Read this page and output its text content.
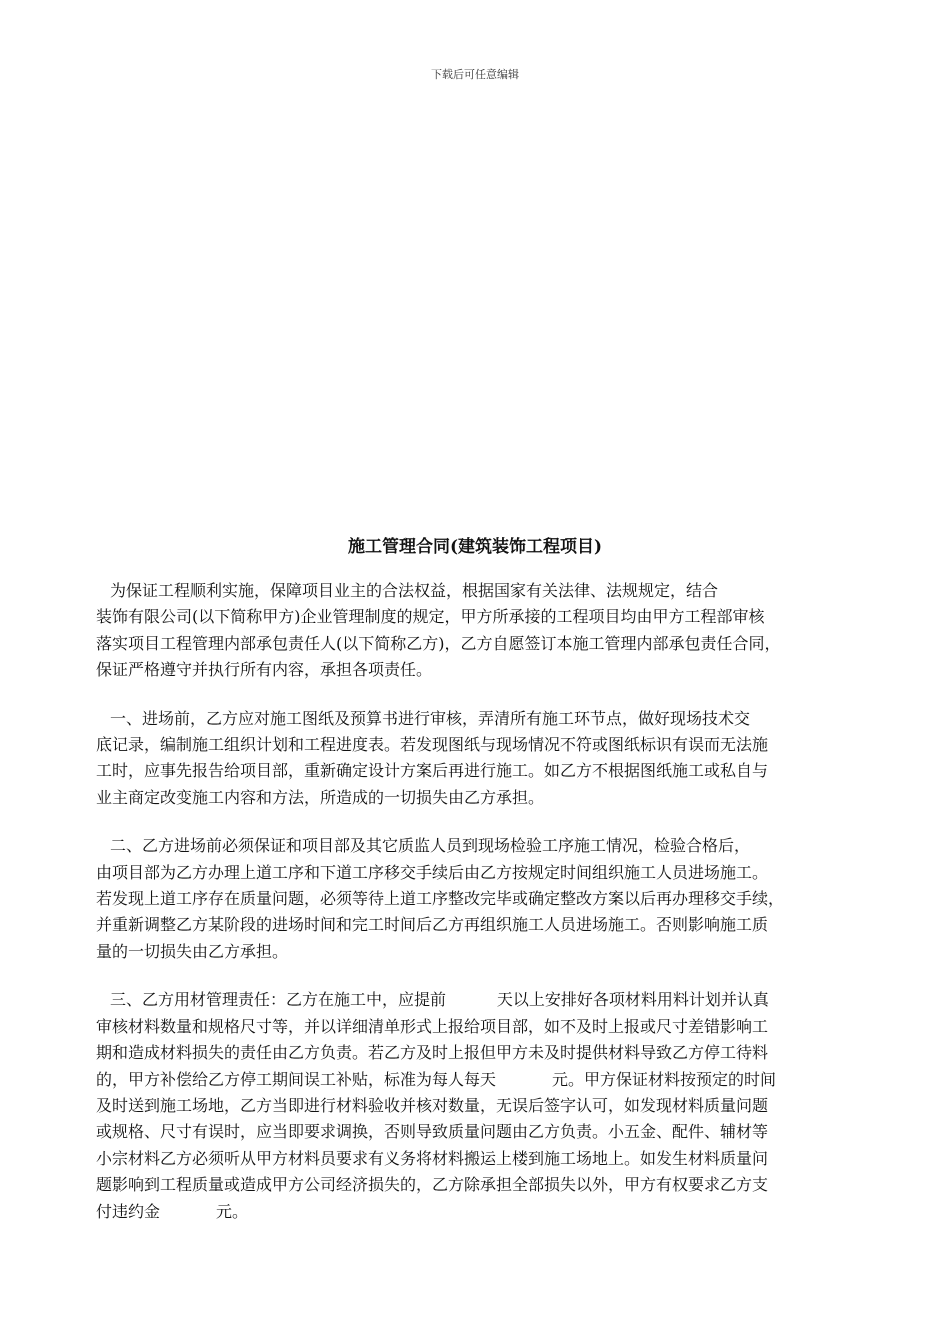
下载后可任意编辑
施工管理合同(建筑装饰工程项目)
为保证工程顺利实施，保障项目业主的合法权益，根据国家有关法律、法规规定，结合
装饰有限公司(以下简称甲方)企业管理制度的规定，甲方所承接的工程项目均由甲方工程部审核
落实项目工程管理内部承包责任人(以下简称乙方)，乙方自愿签订本施工管理内部承包责任合同，
保证严格遵守并执行所有内容，承担各项责任。
一、进场前，乙方应对施工图纸及预算书进行审核，弄清所有施工环节点，做好现场技术交
底记录，编制施工组织计划和工程进度表。若发现图纸与现场情况不符或图纸标识有误而无法施
工时，应事先报告给项目部，重新确定设计方案后再进行施工。如乙方不根据图纸施工或私自与
业主商定改变施工内容和方法，所造成的一切损失由乙方承担。
二、乙方进场前必须保证和项目部及其它质监人员到现场检验工序施工情况，检验合格后，
由项目部为乙方办理上道工序和下道工序移交手续后由乙方按规定时间组织施工人员进场施工。
若发现上道工序存在质量问题，必须等待上道工序整改完毕或确定整改方案以后再办理移交手续，
并重新调整乙方某阶段的进场时间和完工时间后乙方再组织施工人员进场施工。否则影响施工质
量的一切损失由乙方承担。
三、乙方用材管理责任：乙方在施工中，应提前          天以上安排好各项材料用料计划并认真
审核材料数量和规格尺寸等，并以详细清单形式上报给项目部，如不及时上报或尺寸差错影响工
期和造成材料损失的责任由乙方负责。若乙方及时上报但甲方未及时提供材料导致乙方停工待料
的，甲方补偿给乙方停工期间误工补贴，标准为每人每天           元。甲方保证材料按预定的时间
及时送到施工场地，乙方当即进行材料验收并核对数量，无误后签字认可，如发现材料质量问题
或规格、尺寸有误时，应当即要求调换，否则导致质量问题由乙方负责。小五金、配件、辅材等
小宗材料乙方必须听从甲方材料员要求有义务将材料搬运上楼到施工场地上。如发生材料质量问
题影响到工程质量或造成甲方公司经济损失的，乙方除承担全部损失以外，甲方有权要求乙方支
付违约金           元。
